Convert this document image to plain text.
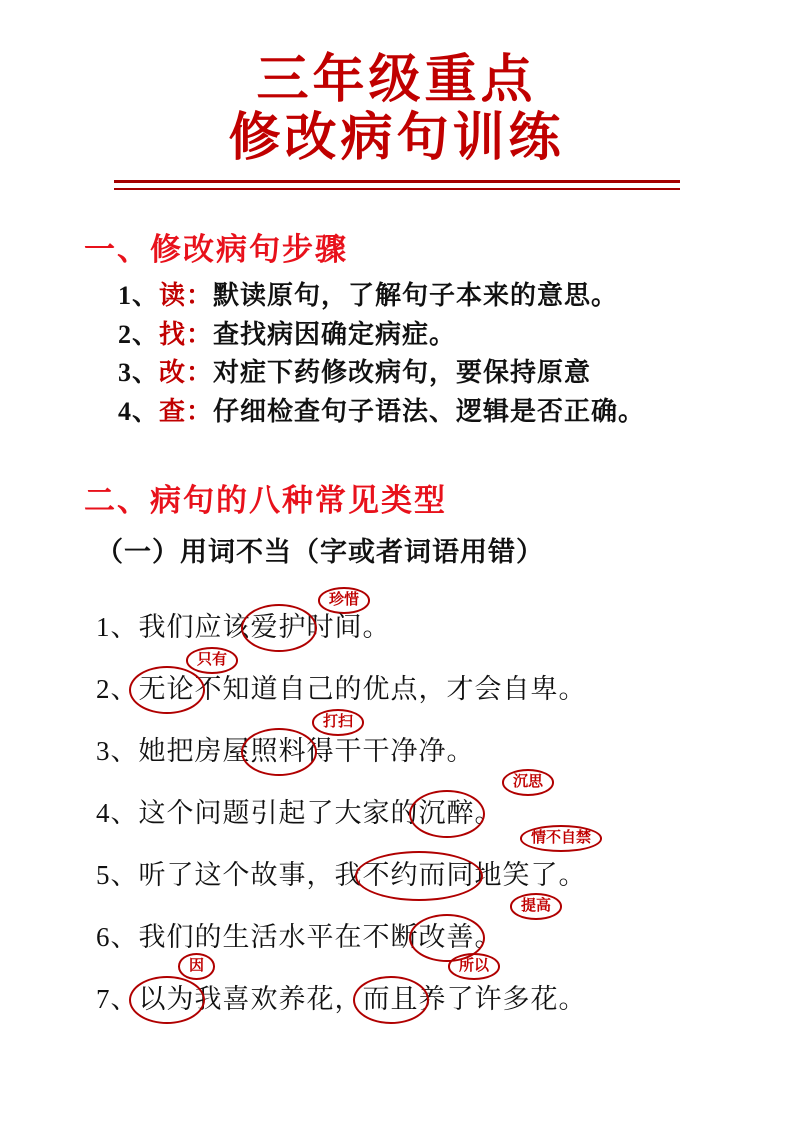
三年级重点
修改病句训练
一、修改病句步骤
1、读：默读原句，了解句子本来的意思。
2、找：查找病因确定病症。
3、改：对症下药修改病句，要保持原意
4、查：仔细检查句子语法、逻辑是否正确。
二、病句的八种常见类型
（一）用词不当（字或者词语用错）
珍惜
1、我们应该爱护时间。
只有
2、无论不知道自己的优点，才会自卑。
打扫
3、她把房屋照料得干干净净。
沉思
4、这个问题引起了大家的沉醉。
情不自禁
5、听了这个故事，我不约而同地笑了。
提高
6、我们的生活水平在不断改善。
因	所以
7、以为我喜欢养花，而且养了许多花。
